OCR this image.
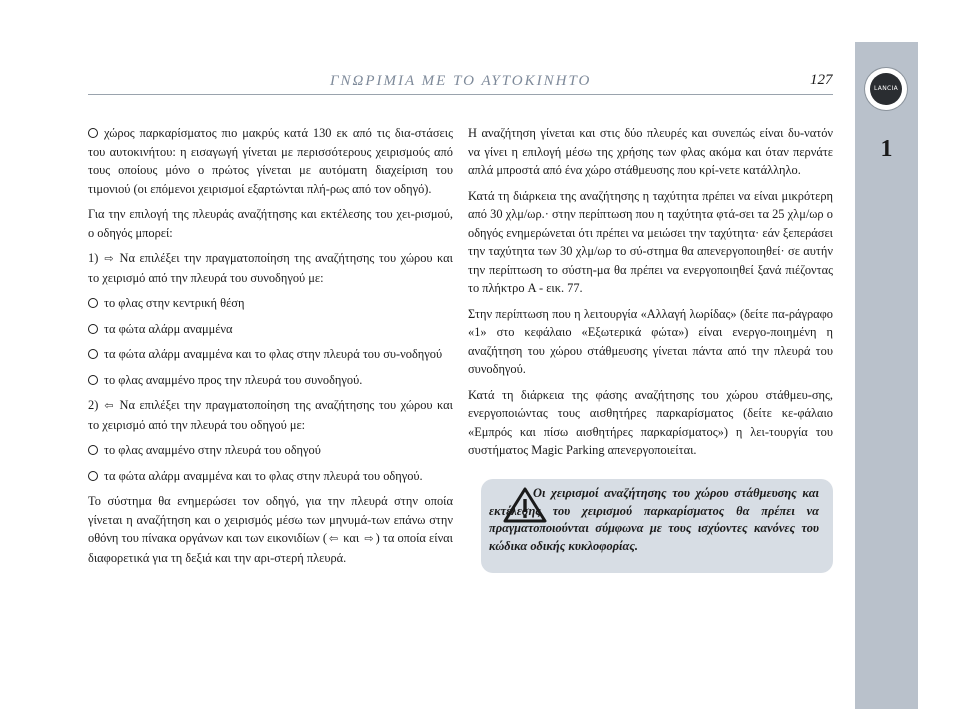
ΓΝΩΡΙΜΙΑ ΜΕ ΤΟ ΑΥΤΟΚΙΝΗΤΟ	127
LANCIA
1

χώρος παρκαρίσματος πιο μακρύς κατά 130 εκ από τις δια-στάσεις του αυτοκινήτου: η εισαγωγή γίνεται με περισσότερους χειρισμούς από τους οποίους μόνο ο πρώτος γίνεται με αυτόματη διαχείριση του τιμονιού (οι επόμενοι χειρισμοί εξαρτώνται πλή-ρως από τον οδηγό).

Για την επιλογή της πλευράς αναζήτησης και εκτέλεσης του χει-ρισμού, ο οδηγός μπορεί:

1) ⇨ Να επιλέξει την πραγματοποίηση της αναζήτησης του χώρου και το χειρισμό από την πλευρά του συνοδηγού με:

το φλας στην κεντρική θέση

τα φώτα αλάρμ αναμμένα

τα φώτα αλάρμ αναμμένα και το φλας στην πλευρά του συ-νοδηγού

το φλας αναμμένο προς την πλευρά του συνοδηγού.

2) ⇦ Να επιλέξει την πραγματοποίηση της αναζήτησης του χώρου και το χειρισμό από την πλευρά του οδηγού με:

το φλας αναμμένο στην πλευρά του οδηγού

τα φώτα αλάρμ αναμμένα και το φλας στην πλευρά του οδηγού.

Το σύστημα θα ενημερώσει τον οδηγό, για την πλευρά στην οποία γίνεται η αναζήτηση και ο χειρισμός μέσω των μηνυμά-των επάνω στην οθόνη του πίνακα οργάνων και των εικονιδίων ( ⇦ και ⇨ ) τα οποία είναι διαφορετικά για τη δεξιά και την αρι-στερή πλευρά.

Η αναζήτηση γίνεται και στις δύο πλευρές και συνεπώς είναι δυ-νατόν να γίνει η επιλογή μέσω της χρήσης των φλας ακόμα και όταν περνάτε απλά μπροστά από ένα χώρο στάθμευσης που κρί-νετε κατάλληλο.

Κατά τη διάρκεια της αναζήτησης η ταχύτητα πρέπει να είναι μικρότερη από 30 χλμ/ωρ.· στην περίπτωση που η ταχύτητα φτά-σει τα 25 χλμ/ωρ ο οδηγός ενημερώνεται ότι πρέπει να μειώσει την ταχύτητα· εάν ξεπεράσει την ταχύτητα των 30 χλμ/ωρ το σύ-στημα θα απενεργοποιηθεί· σε αυτήν την περίπτωση το σύστη-μα θα πρέπει να ενεργοποιηθεί ξανά πιέζοντας το πλήκτρο A - εικ. 77.

Στην περίπτωση που η λειτουργία «Αλλαγή λωρίδας» (δείτε πα-ράγραφο «1» στο κεφάλαιο «Εξωτερικά φώτα») είναι ενεργο-ποιημένη η αναζήτηση του χώρου στάθμευσης γίνεται πάντα από την πλευρά του συνοδηγού.

Κατά τη διάρκεια της φάσης αναζήτησης του χώρου στάθμευ-σης, ενεργοποιώντας τους αισθητήρες παρκαρίσματος (δείτε κε-φάλαιο «Εμπρός και πίσω αισθητήρες παρκαρίσματος») η λει-τουργία του συστήματος Magic Parking απενεργοποιείται.

Οι χειρισμοί αναζήτησης του χώρου στάθμευσης και εκτέλεσης του χειρισμού παρκαρίσματος θα πρέπει να πραγματοποιούνται σύμφωνα με τους ισχύοντες κανόνες του κώδικα οδικής κυκλοφορίας.
